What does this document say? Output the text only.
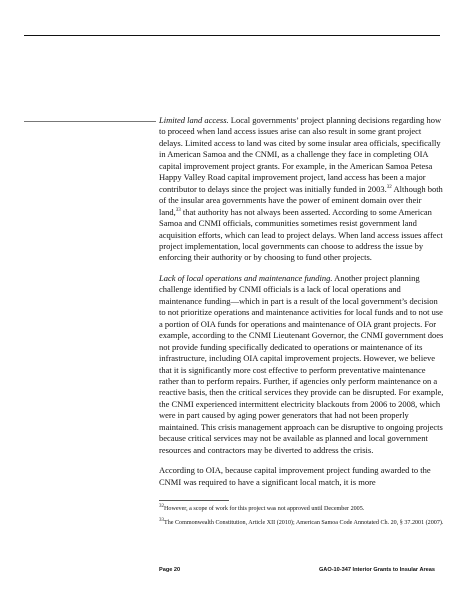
Limited land access. Local governments’ project planning decisions regarding how to proceed when land access issues arise can also result in some grant project delays. Limited access to land was cited by some insular area officials, specifically in American Samoa and the CNMI, as a challenge they face in completing OIA capital improvement project grants. For example, in the American Samoa Petesa Happy Valley Road capital improvement project, land access has been a major contributor to delays since the project was initially funded in 2003.32 Although both of the insular area governments have the power of eminent domain over their land,$^{33}$ that authority has not always been asserted. According to some American Samoa and CNMI officials, communities sometimes resist government land acquisition efforts, which can lead to project delays. When land access issues affect project implementation, local governments can choose to address the issue by enforcing their authority or by choosing to fund other projects.

Lack of local operations and maintenance funding. Another project planning challenge identified by CNMI officials is a lack of local operations and maintenance funding—which in part is a result of the local government’s decision to not prioritize operations and maintenance activities for local funds and to not use a portion of OIA funds for operations and maintenance of OIA grant projects. For example, according to the CNMI Lieutenant Governor, the CNMI government does not provide funding specifically dedicated to operations or maintenance of its infrastructure, including OIA capital improvement projects. However, we believe that it is significantly more cost effective to perform preventative maintenance rather than to perform repairs. Further, if agencies only perform maintenance on a reactive basis, then the critical services they provide can be disrupted. For example, the CNMI experienced intermittent electricity blackouts from 2006 to 2008, which were in part caused by aging power generators that had not been properly maintained. This crisis management approach can be disruptive to ongoing projects because critical services may not be available as planned and local government resources and contractors may be diverted to address the crisis.

According to OIA, because capital improvement project funding awarded to the CNMI was required to have a significant local match, it is more

$^{32}$However, a scope of work for this project was not approved until December 2005.

$^{33}$The Commonwealth Constitution, Article XII (2010); American Samoa Code Annotated Ch. 20, § 37.2001 (2007).

Page 20	GAO-10-347 Interior Grants to Insular Areas
